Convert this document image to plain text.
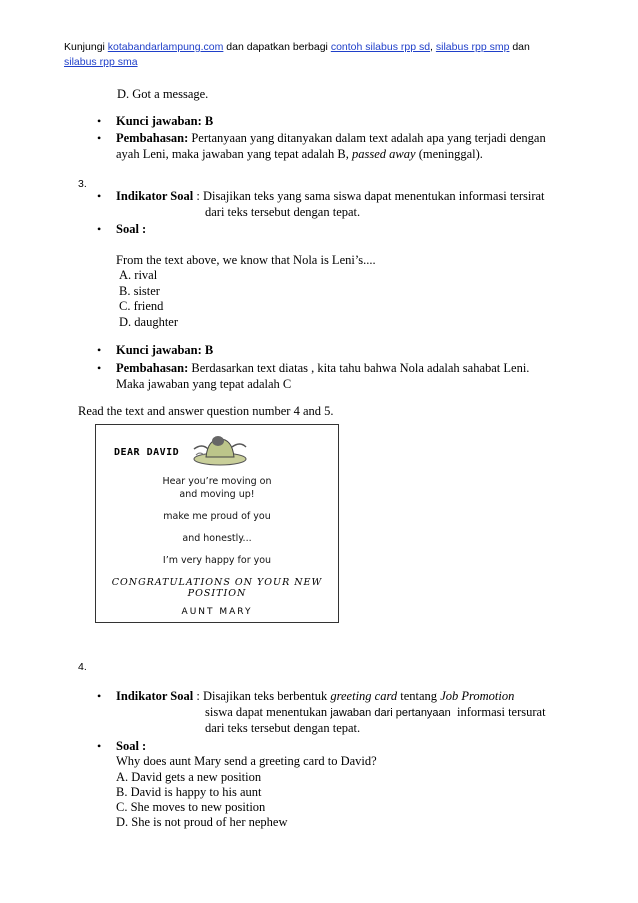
Kunjungi kotabandarlampung.com dan dapatkan berbagi contoh silabus rpp sd, silabus rpp smp dan
silabus rpp sma
D. Got a message.
• Kunci jawaban: B
• Pembahasan: Pertanyaan yang ditanyakan dalam text adalah apa yang terjadi dengan
ayah Leni, maka jawaban yang tepat adalah B, passed away (meninggal).
3.
• Indikator Soal : Disajikan teks yang sama siswa dapat menentukan informasi tersirat
dari teks tersebut dengan tepat.
• Soal :
From the text above, we know that Nola is Leni’s....
A. rival
B. sister
C. friend
D. daughter
• Kunci jawaban: B
• Pembahasan: Berdasarkan text diatas , kita tahu bahwa Nola adalah sahabat Leni.
Maka jawaban yang tepat adalah C
Read the text and answer question number 4 and 5.
DEAR DAVID
Hear you’re moving on
and moving up!
make me proud of you
and honestly...
I’m very happy for you
CONGRATULATIONS ON YOUR NEW POSITION
AUNT MARY
4.
• Indikator Soal : Disajikan teks berbentuk greeting card tentang Job Promotion
siswa dapat menentukan jawaban dari pertanyaan informasi tersurat
dari teks tersebut dengan tepat.
• Soal :
Why does aunt Mary send a greeting card to David?
A. David gets a new position
B. David is happy to his aunt
C. She moves to new position
D. She is not proud of her nephew
